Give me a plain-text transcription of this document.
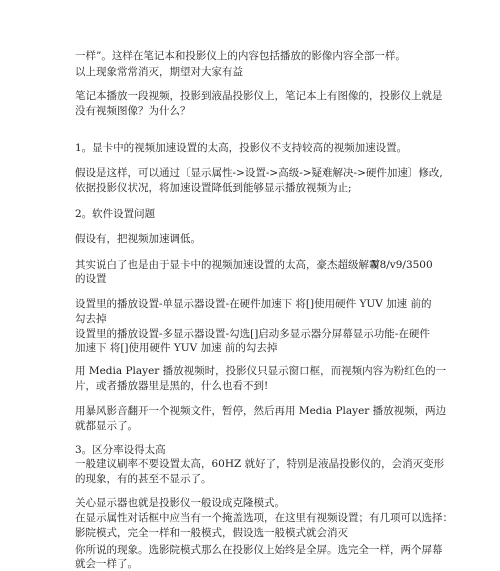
一样”。这样在笔记本和投影仪上的内容包括播放的影像内容全部一样。
以上现象常常消灭，期望对大家有益
笔记本播放一段视频，投影到液晶投影仪上，笔记本上有图像的，投影仪上就是
没有视频图像？为什么？
1。显卡中的视频加速设置的太高，投影仪不支持较高的视频加速设置。
假设是这样，可以通过〔显示属性->设置->高级->疑难解决->硬件加速〕修改,
依据投影仪状况，将加速设置降低到能够显示播放视频为止;
2。软件设置问题
假设有，把视频加速调低。
其实说白了也是由于显卡中的视频加速设置的太高，豪杰超级解霸
V8/v9/3500
的设置
设置里的播放设置-单显示器设置-在硬件加速下 将[]使用硬件 YUV 加速 前的
勾去掉
设置里的播放设置-多显示器设置-勾选[]启动多显示器分屏幕显示功能-在硬件
加速下 将[]使用硬件 YUV 加速 前的勾去掉
用 Media Player 播放视频时，投影仪只显示窗口框，而视频内容为粉红色的一
片，或者播放器里是黑的，什么也看不到!
用暴风影音翻开一个视频文件，暂停，然后再用 Media Player 播放视频，两边
就都显示了。
3。区分率设得太高
一般建议刷率不要设置太高，60HZ 就好了，特别是液晶投影仪的，会消灭变形
的现象，有的甚至不显示了。
关心显示器也就是投影仪一般设成克隆模式。
在显示属性对话框中应当有一个掩盖选项，在这里有视频设置；有几项可以选择：
影院模式，完全一样和一般模式，假设选一般模式就会消灭
你所说的现象。选影院模式那么在投影仪上始终是全屏。选完全一样，两个屏幕
就会一样了。
